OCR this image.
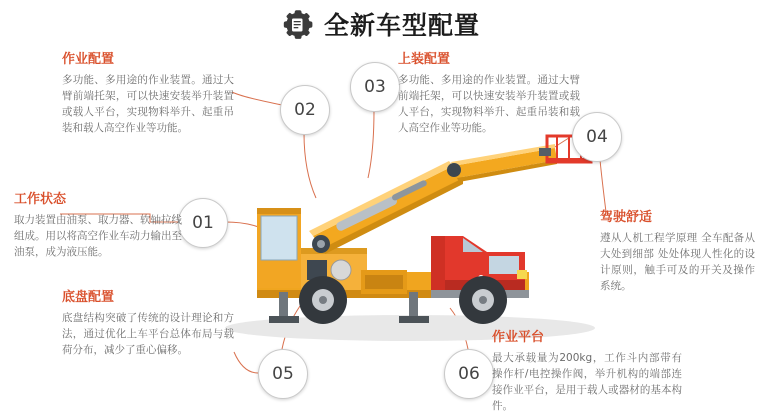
全新车型配置
01
02
03
04
05	06
工作状态
取力装置由油泵、取力器、软轴拉线组成。用以将高空作业车动力输出至油泵，成为液压能。
作业配置
多功能、多用途的作业装置。通过大臂前端托架，可以快速安装举升装置或载人平台，实现物料举升、起重吊装和载人高空作业等功能。
底盘配置
底盘结构突破了传统的设计理论和方法，通过优化上车平台总体布局与载荷分布，减少了重心偏移。
上装配置
多功能、多用途的作业装置。通过大臂前端托架，可以快速安装举升装置或载人平台，实现物料举升、起重吊装和载人高空作业等功能。
驾驶舒适
遵从人机工程学原理 全车配备从大处到细部 处处体现人性化的设计原则，触手可及的开关及操作系统。
作业平台
最大承载量为200kg，工作斗内部带有操作杆/电控操作阀，举升机构的端部连接作业平台，是用于载人或器材的基本构件。
